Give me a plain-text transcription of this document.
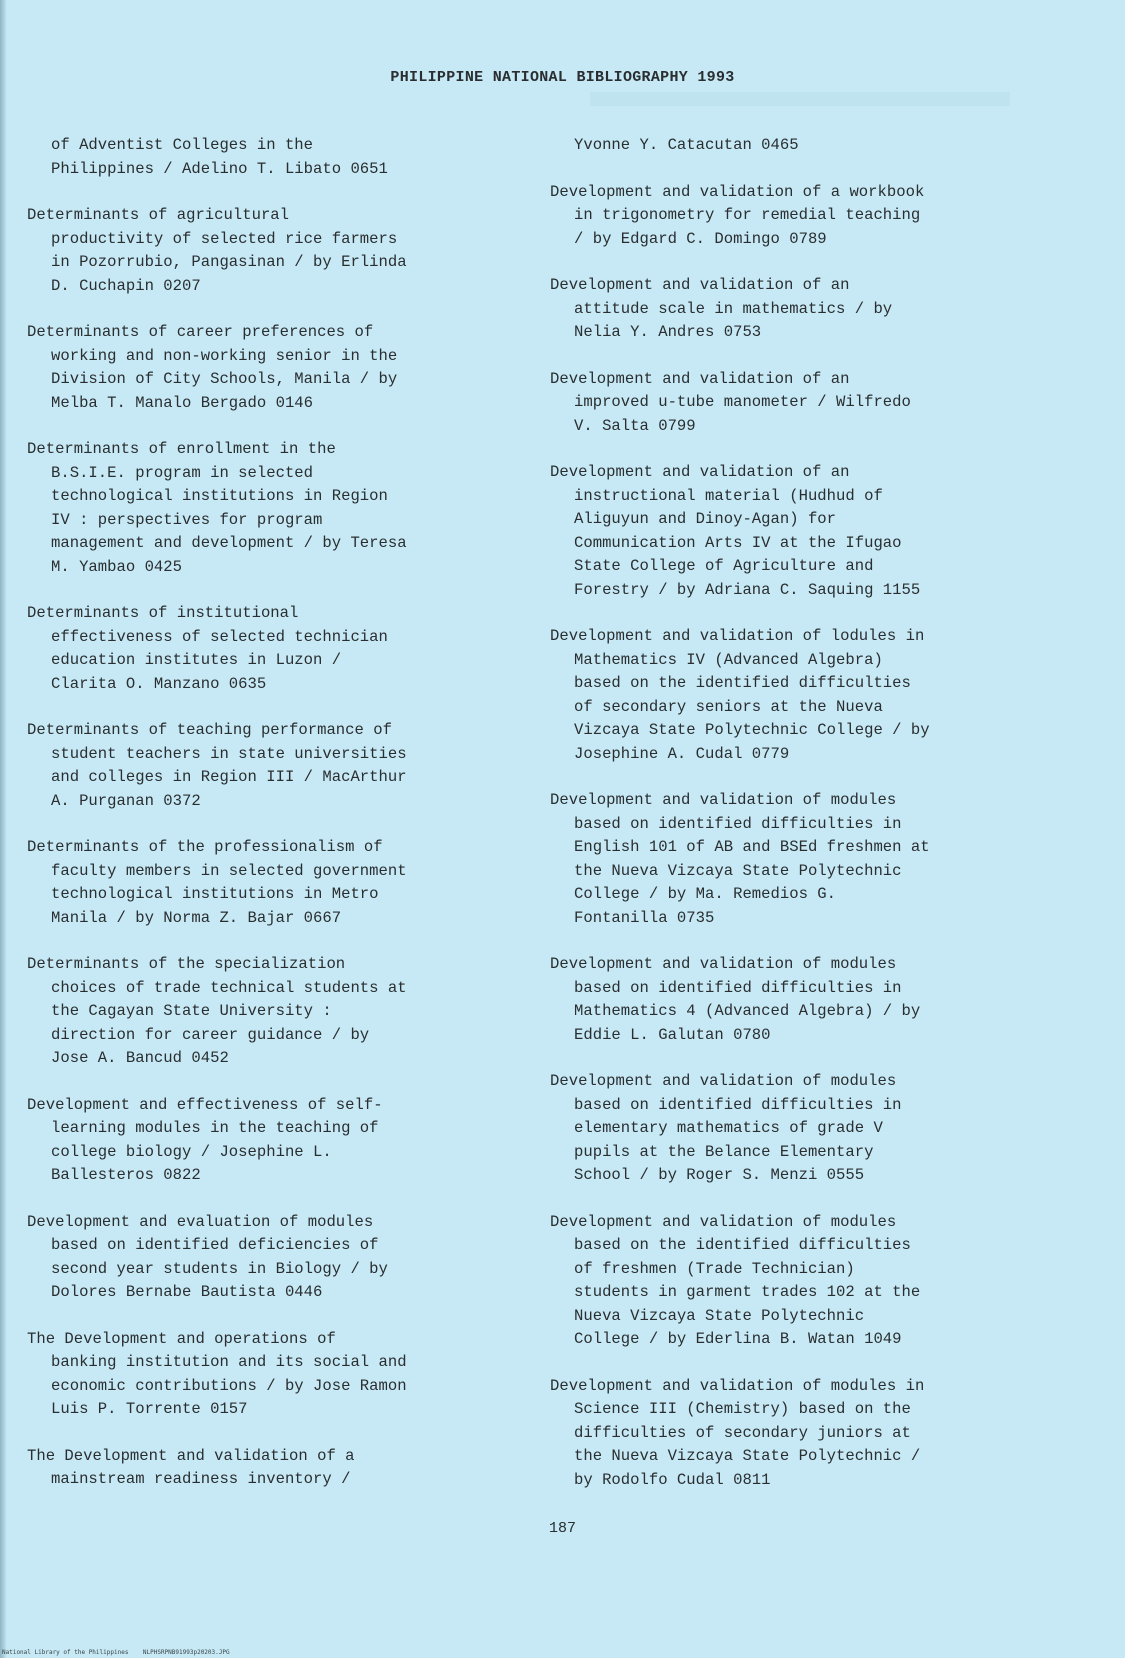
PHILIPPINE NATIONAL BIBLIOGRAPHY 1993

of Adventist Colleges in the
Philippines / Adelino T. Libato 0651

Determinants of agricultural
productivity of selected rice farmers
in Pozorrubio, Pangasinan / by Erlinda
D. Cuchapin 0207

Determinants of career preferences of
working and non-working senior in the
Division of City Schools, Manila / by
Melba T. Manalo Bergado 0146

Determinants of enrollment in the
B.S.I.E. program in selected
technological institutions in Region
IV : perspectives for program
management and development / by Teresa
M. Yambao 0425

Determinants of institutional
effectiveness of selected technician
education institutes in Luzon /
Clarita O. Manzano 0635

Determinants of teaching performance of
student teachers in state universities
and colleges in Region III / MacArthur
A. Purganan 0372

Determinants of the professionalism of
faculty members in selected government
technological institutions in Metro
Manila / by Norma Z. Bajar 0667

Determinants of the specialization
choices of trade technical students at
the Cagayan State University :
direction for career guidance / by
Jose A. Bancud 0452

Development and effectiveness of self-
learning modules in the teaching of
college biology / Josephine L.
Ballesteros 0822

Development and evaluation of modules
based on identified deficiencies of
second year students in Biology / by
Dolores Bernabe Bautista 0446

The Development and operations of
banking institution and its social and
economic contributions / by Jose Ramon
Luis P. Torrente 0157

The Development and validation of a
mainstream readiness inventory /

Yvonne Y. Catacutan 0465

Development and validation of a workbook
in trigonometry for remedial teaching
/ by Edgard C. Domingo 0789

Development and validation of an
attitude scale in mathematics / by
Nelia Y. Andres 0753

Development and validation of an
improved u-tube manometer / Wilfredo
V. Salta 0799

Development and validation of an
instructional material (Hudhud of
Aliguyun and Dinoy-Agan) for
Communication Arts IV at the Ifugao
State College of Agriculture and
Forestry / by Adriana C. Saquing 1155

Development and validation of lodules in
Mathematics IV (Advanced Algebra)
based on the identified difficulties
of secondary seniors at the Nueva
Vizcaya State Polytechnic College / by
Josephine A. Cudal 0779

Development and validation of modules
based on identified difficulties in
English 101 of AB and BSEd freshmen at
the Nueva Vizcaya State Polytechnic
College / by Ma. Remedios G.
Fontanilla 0735

Development and validation of modules
based on identified difficulties in
Mathematics 4 (Advanced Algebra) / by
Eddie L. Galutan 0780

Development and validation of modules
based on identified difficulties in
elementary mathematics of grade V
pupils at the Belance Elementary
School / by Roger S. Menzi 0555

Development and validation of modules
based on the identified difficulties
of freshmen (Trade Technician)
students in garment trades 102 at the
Nueva Vizcaya State Polytechnic
College / by Ederlina B. Watan 1049

Development and validation of modules in
Science III (Chemistry) based on the
difficulties of secondary juniors at
the Nueva Vizcaya State Polytechnic /
by Rodolfo Cudal 0811

187
National Library of the Philippines NLPHSRPNB91993p20203.JPG
